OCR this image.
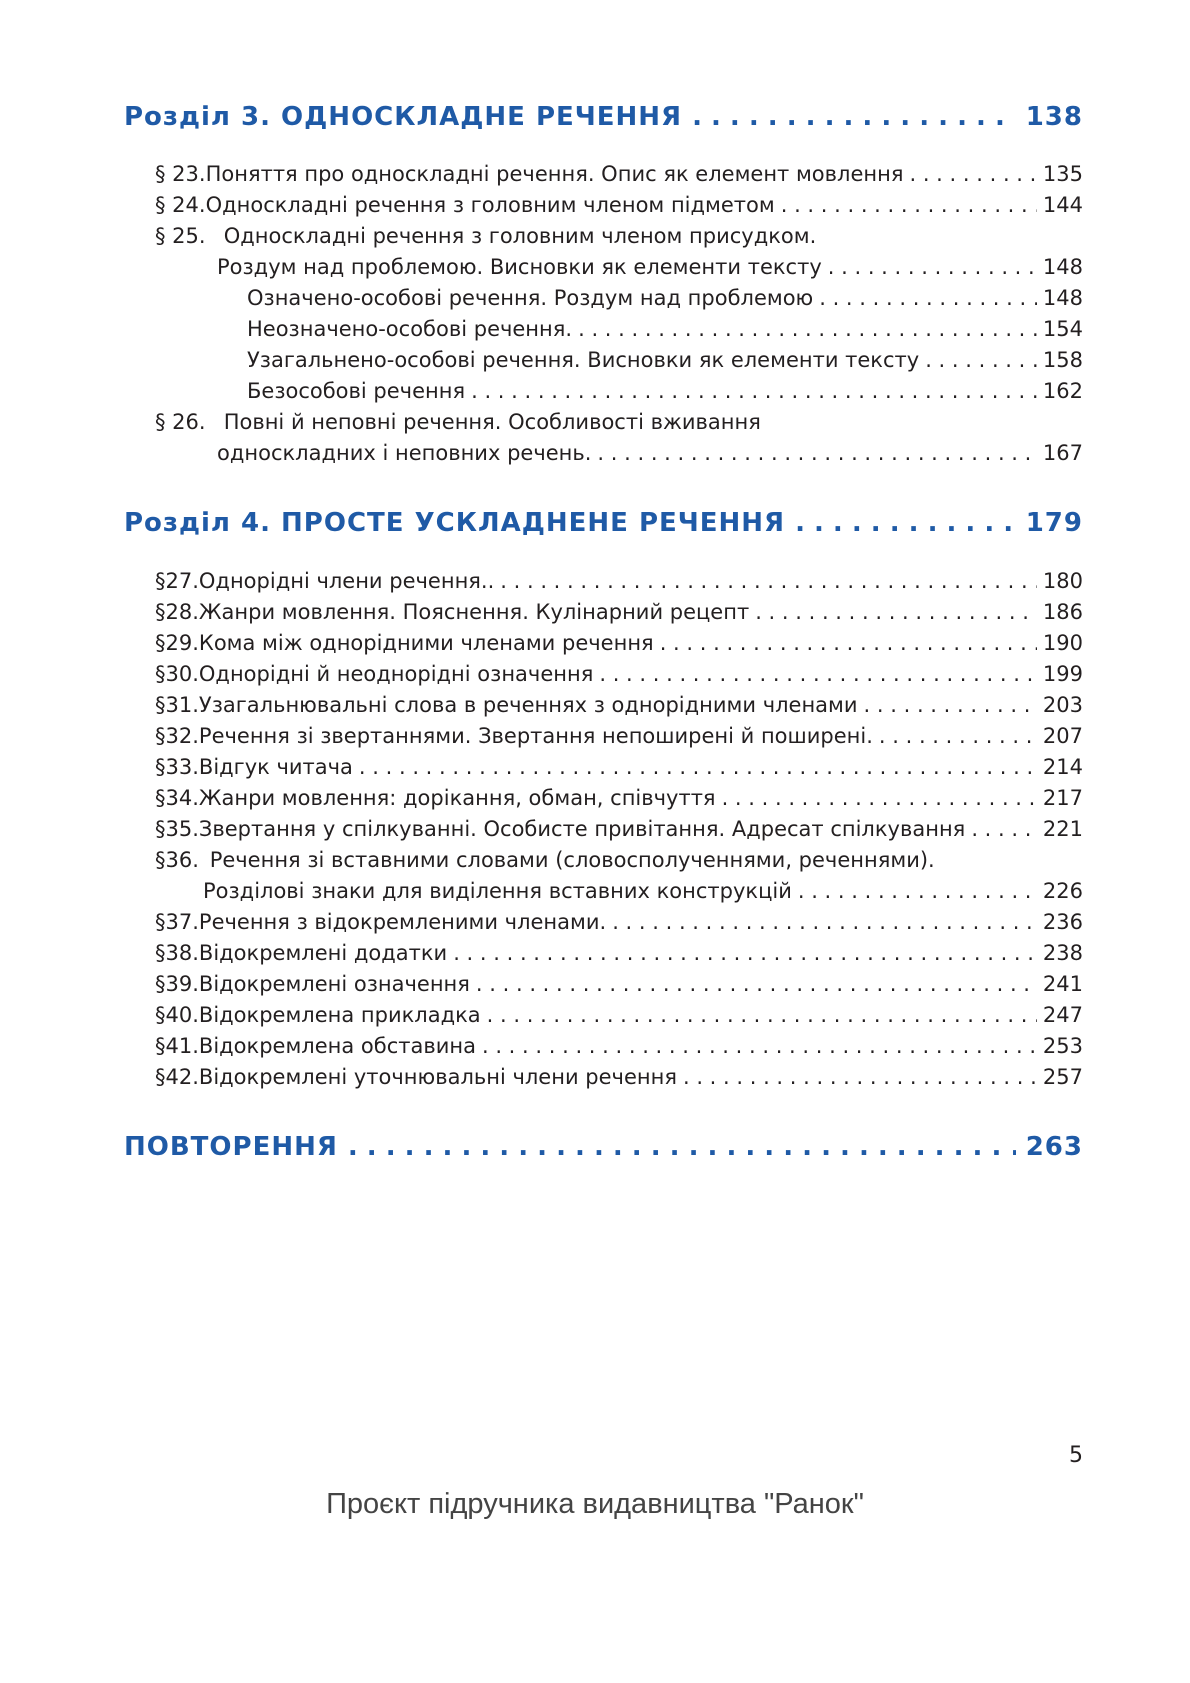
Розділ 3. ОДНОСКЛАДНЕ РЕЧЕННЯ . . .	138
§ 23. Поняття про односкладні речення. Опис як елемент мовлення . . .	135
§ 24. Односкладні речення з головним членом підметом . . .	144
§ 25. Односкладні речення з головним членом присудком.
Роздум над проблемою. Висновки як елементи тексту . . .	148
Означено-особові речення. Роздум над проблемою . . .	148
Неозначено-особові речення. . . .	154
Узагальнено-особові речення. Висновки як елементи тексту . . .	158
Безособові речення . . .	162
§ 26. Повні й неповні речення. Особливості вживання
односкладних і неповних речень. . . .	167
Розділ 4. ПРОСТЕ УСКЛАДНЕНЕ РЕЧЕННЯ . . .	179
§27. Однорідні члени речення.. . . .	180
§28. Жанри мовлення. Пояснення. Кулінарний рецепт . . .	186
§29. Кома між однорідними членами речення . . .	190
§30. Однорідні й неоднорідні означення . . .	199
§31. Узагальнювальні слова в реченнях з однорідними членами . . .	203
§32. Речення зі звертаннями. Звертання непоширені й поширені. . . .	207
§33. Відгук читача . . .	214
§34. Жанри мовлення: дорікання, обман, співчуття . . .	217
§35. Звертання у спілкуванні. Особисте привітання. Адресат спілкування . . .	221
§36. Речення зі вставними словами (словосполученнями, реченнями).
Розділові знаки для виділення вставних конструкцій . . .	226
§37. Речення з відокремленими членами. . . .	236
§38. Відокремлені додатки . . .	238
§39. Відокремлені означення . . .	241
§40. Відокремлена прикладка . . .	247
§41. Відокремлена обставина . . .	253
§42. Відокремлені уточнювальні члени речення . . .	257
ПОВТОРЕННЯ . . .	263
5
Проєкт підручника видавництва "Ранок"
